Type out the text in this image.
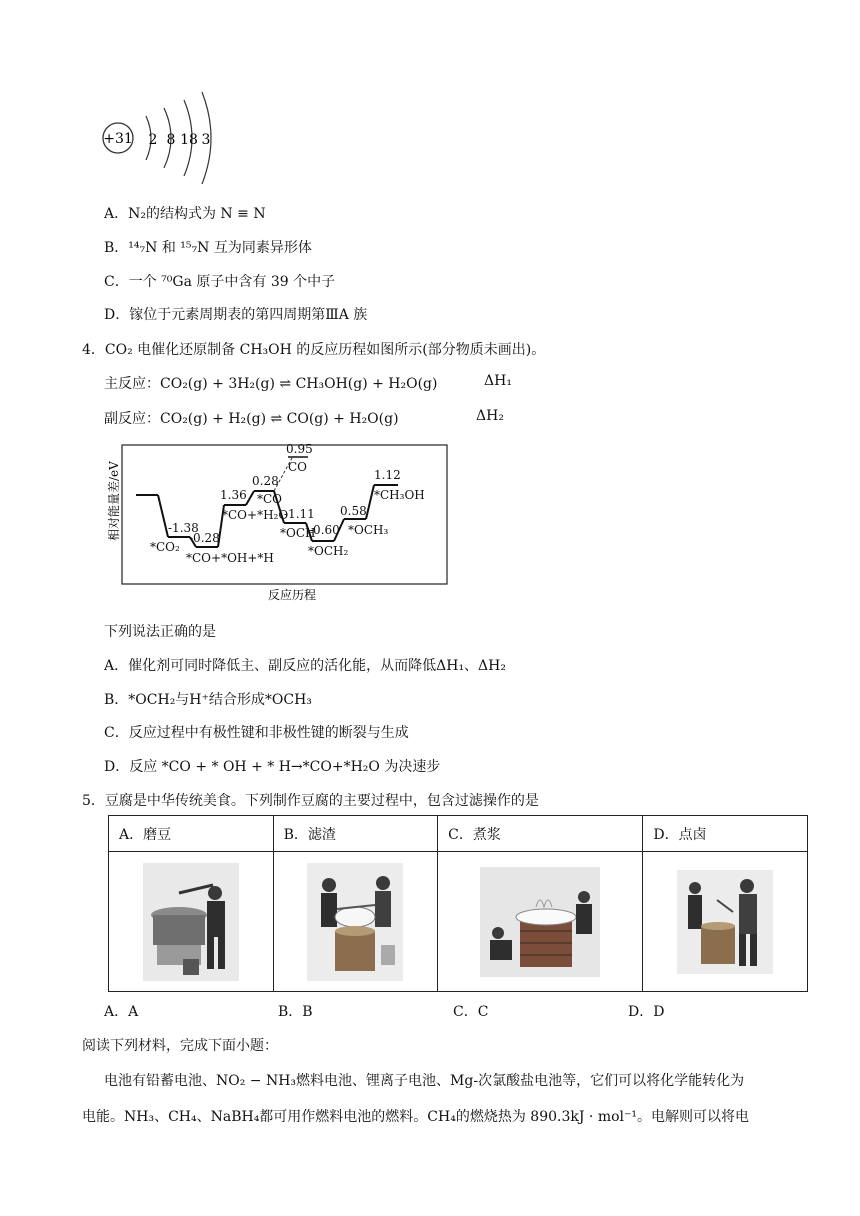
+31 2 8 18 3
A．N₂的结构式为 N ≡ N
B．¹⁴₇N 和 ¹⁵₇N 互为同素异形体
C．一个 ⁷⁰Ga 原子中含有 39 个中子
D．镓位于元素周期表的第四周期第ⅢA 族
4．CO₂ 电催化还原制备 CH₃OH 的反应历程如图所示(部分物质未画出)。
主反应：CO₂(g) + 3H₂(g) ⇌ CH₃OH(g) + H₂O(g)	ΔH₁
副反应：CO₂(g) + H₂(g) ⇌ CO(g) + H₂O(g)	ΔH₂
相对能量差/eV	-1.38
-0.28
1.36
0.28
0.95
-1.11
-0.60
0.58
1.12
*CO₂
*CO+*OH+*H
*CO+*H₂O
*CO
CO
*OCH
*OCH₂
*OCH₃
*CH₃OH
反应历程
下列说法正确的是
A．催化剂可同时降低主、副反应的活化能，从而降低ΔH₁、ΔH₂
B．*OCH₂与H⁺结合形成*OCH₃
C．反应过程中有极性键和非极性键的断裂与生成
D．反应 *CO + * OH + * H→*CO+*H₂O 为决速步
5．豆腐是中华传统美食。下列制作豆腐的主要过程中，包含过滤操作的是
A．磨豆	B．滤渣	C．煮浆	D．点卤

A．A	B．B	C．C	D．D
阅读下列材料，完成下面小题：
电池有铅蓄电池、NO₂ − NH₃燃料电池、锂离子电池、Mg-次氯酸盐电池等，它们可以将化学能转化为
电能。NH₃、CH₄、NaBH₄都可用作燃料电池的燃料。CH₄的燃烧热为 890.3kJ · mol⁻¹。电解则可以将电
